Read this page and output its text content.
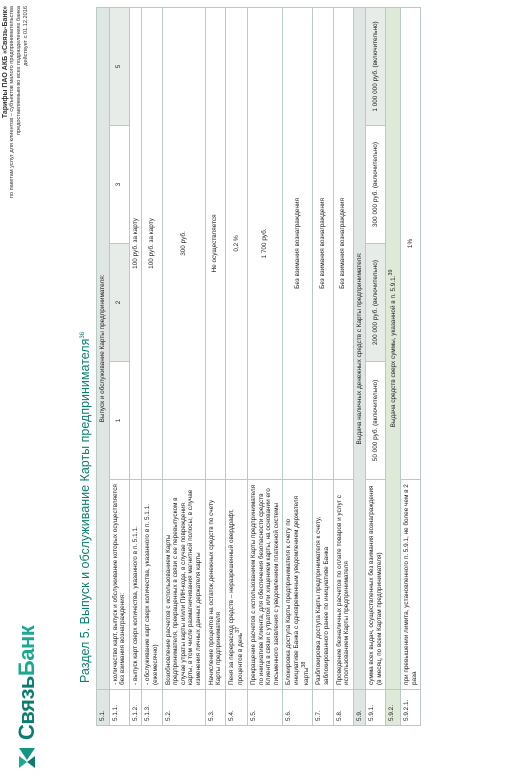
СвязьБанк
Тарифы ПАО АКБ «Связь-Банк» по пакетам услуг для клиентов – субъектов малого предпринимательства предоставляемым во всех подразделениях банка действует с 01.12.2016
Раздел 5. Выпуск и обслуживание Карты предпринимателя$^{36}$
5.1.	Выпуск и обслуживание Карты предпринимателя:				
5.1.1.	- количество карт, выпуск и обслуживание которых осуществляется без взимания вознаграждения:	1	2	3	5
5.1.2.	- выпуск карт сверх количества, указанного в п. 5.1.1.	100 руб. за карту			
5.1.3.	- обслуживание карт сверх количества, указанного в п. 5.1.1. (ежемесячно)	100 руб. за карту			
5.2.	Возобновление расчетов с использованием Карты предпринимателя, прекращенных в связи с ее перевыпуском в случае утраты карты и/или ПИН-кода, в случае повреждения карты, в том числе размагничивания магнитной полосы, в случае изменения личных данных держателя карты	300 руб.			
5.3.	Начисление процентов на остаток денежных средств по счету Карты предпринимателя	Не осуществляется			
5.4.	Пеня за перерасход средств – неразрешенный овердрафт, процентов в день$^{37}$	0,2 %			
5.5.	Прекращение расчетов с использованием Карты предпринимателя по инициативе Клиента, для обеспечения безопасности средств Клиента в связи с утратой или хищением карты, на основании его письменного заявления с уведомлением платежной системы	1 700 руб.			
5.6.	Блокировка доступа Карты предпринимателя к счету по инициативе Банка с одновременным уведомлением держателя карты$^{38}$	Без взимания вознаграждения			
5.7.	Разблокировка доступа Карты предпринимателя к счету, заблокированного ранее по инициативе Банка	Без взимания вознаграждения			
5.8.	Проведение безналичных расчетов по оплате товаров и услуг с использованием Карты предпринимателя	Без взимания вознаграждения			
5.9.	Выдача наличных денежных средств с Карты предпринимателя:				
5.9.1.	сумма всех выдач, осуществленных без взимания вознаграждения (в месяц, по всем Картам предпринимателя)	50 000 руб. (включительно)	200 000 руб. (включительно)	300 000 руб. (включительно)	1 000 000 руб. (включительно)
5.9.2.	Выдача средств сверх суммы, указанной в п. 5.9.1.39
5.9.2.1.	при превышении лимита, установленного п. 5.9.1, не более чем в 2 раза	1%			
